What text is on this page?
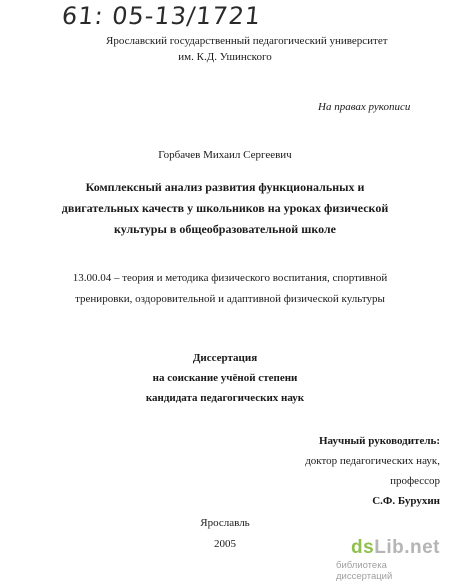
61: 05-13/1721
Ярославский государственный педагогический университет
им. К.Д. Ушинского
На правах рукописи
Горбачев Михаил Сергеевич
Комплексный анализ развития функциональных и
двигательных качеств у школьников на уроках физической
культуры в общеобразовательной школе
13.00.04 – теория и методика физического воспитания, спортивной
тренировки, оздоровительной и адаптивной физической культуры
Диссертация
на соискание учёной степени
кандидата педагогических наук
Научный руководитель:
доктор педагогических наук, профессор
С.Ф. Бурухин
Ярославль
2005	dsLib.net
библиотека диссертаций
